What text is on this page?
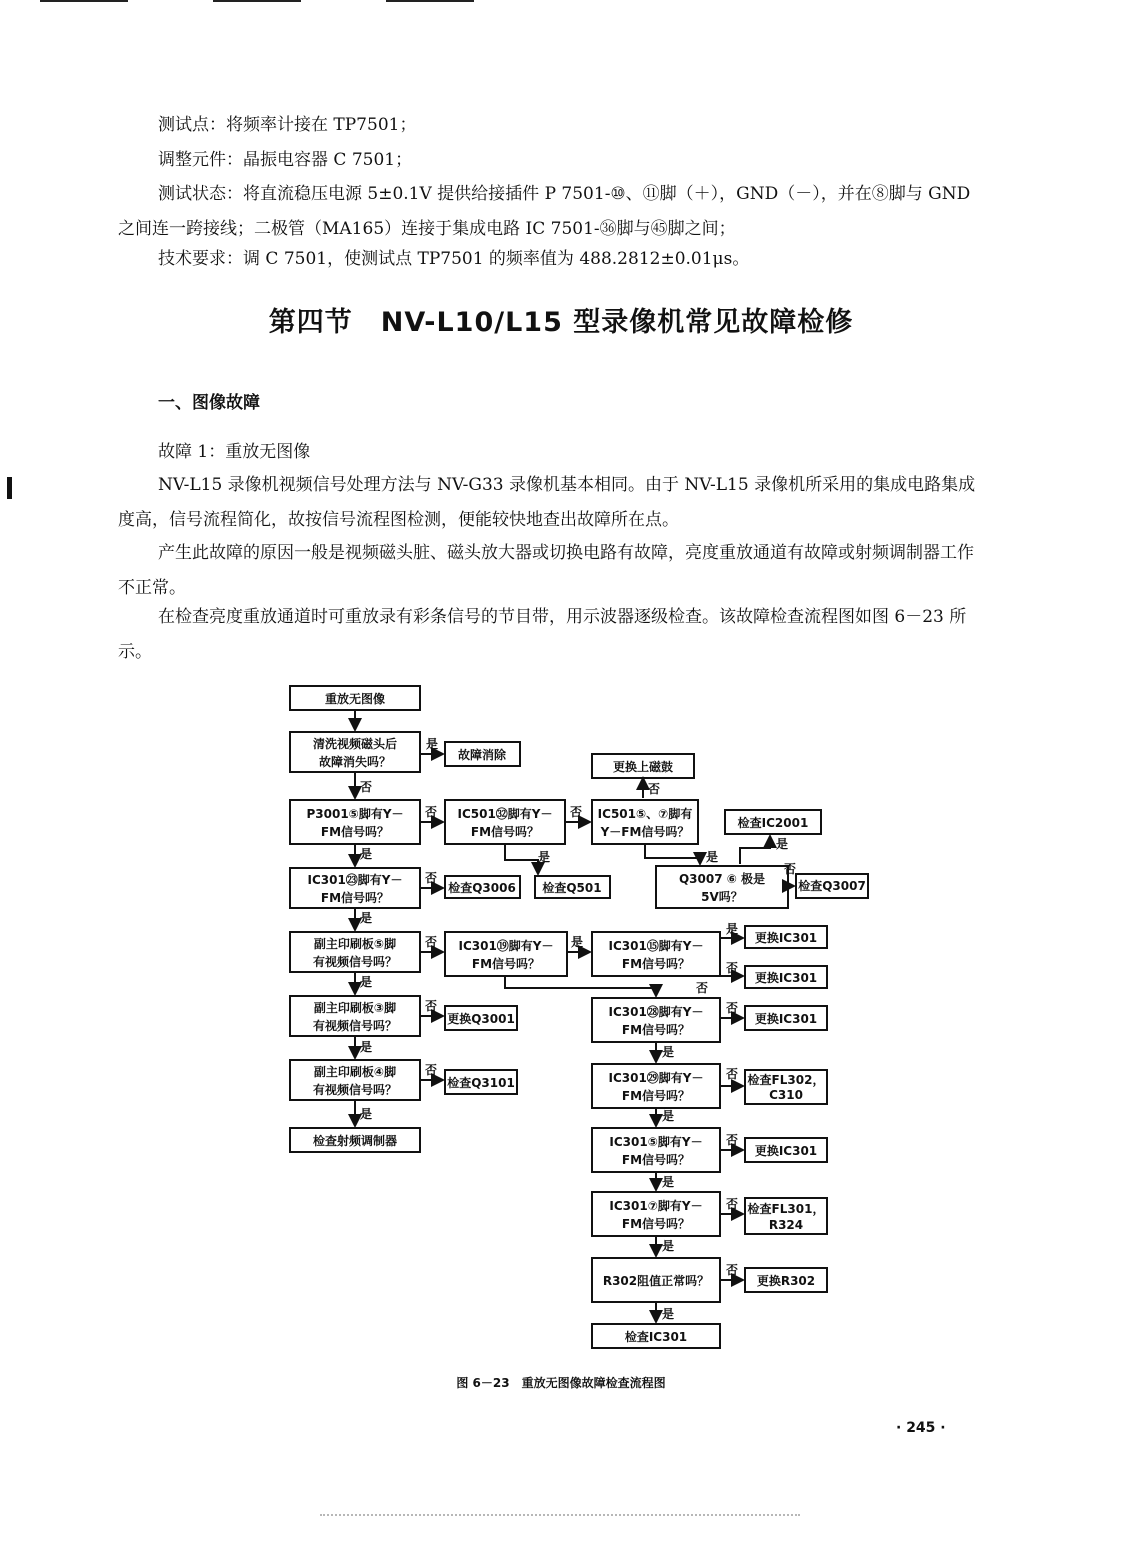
测试点：将频率计接在 TP7501；

调整元件：晶振电容器 C 7501；

测试状态：将直流稳压电源 5±0.1V 提供给接插件 P 7501-⑩、⑪脚（＋），GND（－），并在⑧脚与 GND 之间连一跨接线；二极管（MA165）连接于集成电路 IC 7501-㊱脚与㊺脚之间；

技术要求：调 C 7501，使测试点 TP7501 的频率值为 488.2812±0.01μs。

第四节　NV-L10/L15 型录像机常见故障检修
一、图像故障
故障 1：重放无图像

NV-L15 录像机视频信号处理方法与 NV-G33 录像机基本相同。由于 NV-L15 录像机所采用的集成电路集成度高，信号流程简化，故按信号流程图检测，便能较快地查出故障所在点。

产生此故障的原因一般是视频磁头脏、磁头放大器或切换电路有故障，亮度重放通道有故障或射频调制器工作不正常。

在检查亮度重放通道时可重放录有彩条信号的节目带，用示波器逐级检查。该故障检查流程图如图 6－23 所示。

重放无图像
清洗视频磁头后
故障消失吗？	故障消除
P3001⑤脚有Y－
FM信号吗？
IC501㉜脚有Y－
FM信号吗？
更换上磁鼓
IC501⑤、⑦脚有
Y－FM信号吗？
检查IC2001
IC301㉓脚有Y－
FM信号吗？
检查Q3006 检查Q501
Q3007 ⑥ 极是
5V吗？
检查Q3007
副主印刷板⑤脚
有视频信号吗？
IC301⑲脚有Y－
FM信号吗？
IC301⑮脚有Y－
FM信号吗？
更换IC301
更换IC301
副主印刷板③脚
有视频信号吗？	更换Q3001	IC301㉘脚有Y－
FM信号吗？
更换IC301
副主印刷板④脚
有视频信号吗？	检查Q3101	IC301㉙脚有Y－
FM信号吗？
检查FL302，
C310
检查射频调制器	IC301⑤脚有Y－
FM信号吗？
更换IC301
IC301⑦脚有Y－
FM信号吗？
检查FL301，
R324
R302阻值正常吗？	更换R302
检查IC301
是
否
否	否
否
是
否
是	是
是
否
是
否	是
是
否
否
是
否	否
是
是
否	否
是
是
否
是
否
是
否
是
图 6－23　重放无图像故障检查流程图
· 245 ·
